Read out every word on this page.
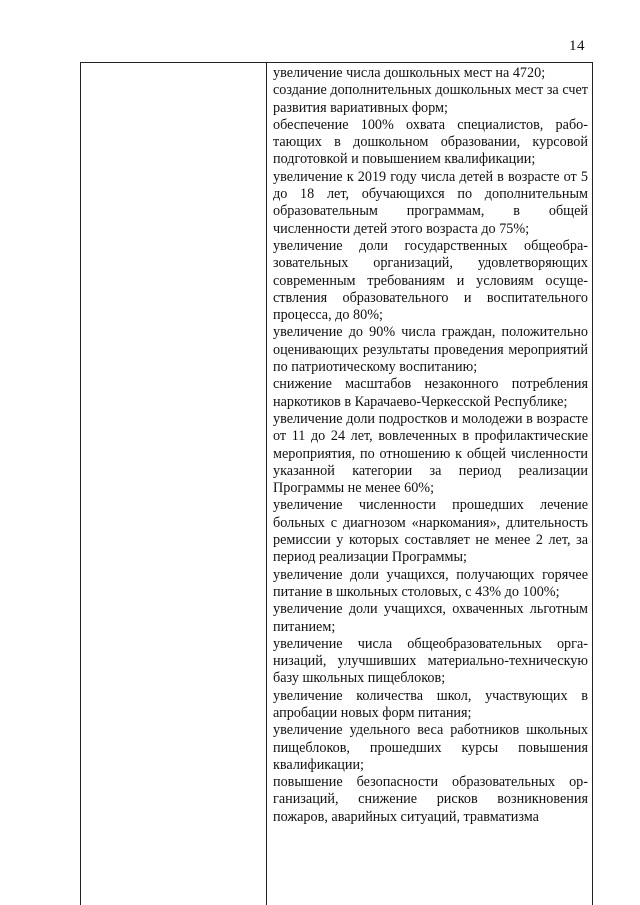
14

увеличение числа дошкольных мест на 4720;

создание дополнительных дошкольных мест за счет развития вариативных форм;

обеспечение 100% охвата специалистов, работающих в дошкольном образовании, курсовой подготовкой и повышением квалификации;

увеличение к 2019 году числа детей в возрасте от 5 до 18 лет, обучающихся по дополнительным образовательным программам, в общей численности детей этого возраста до 75%;

увеличение доли государственных общеобразовательных организаций, удовлетворяющих современным требованиям и условиям осуществления образовательного и воспитательного процесса, до 80%;

увеличение до 90% числа граждан, положительно оценивающих результаты проведения мероприятий по патриотическому воспитанию;

снижение масштабов незаконного потребления наркотиков в Карачаево-Черкесской Республике;

увеличение доли подростков и молодежи в возрасте от 11 до 24 лет, вовлеченных в профилактические мероприятия, по отношению к общей численности указанной категории за период реализации Программы не менее 60%;

увеличение численности прошедших лечение больных с диагнозом «наркомания», длительность ремиссии у которых составляет не менее 2 лет, за период реализации Программы;

увеличение доли учащихся, получающих горячее питание в школьных столовых, с 43% до 100%;

увеличение доли учащихся, охваченных льготным питанием;

увеличение числа общеобразовательных организаций, улучшивших материально-техническую базу школьных пищеблоков;

увеличение количества школ, участвующих в апробации новых форм питания;

увеличение удельного веса работников школьных пищеблоков, прошедших курсы повышения квалификации;

повышение безопасности образовательных организаций, снижение рисков возникновения пожаров, аварийных ситуаций, травматизма
